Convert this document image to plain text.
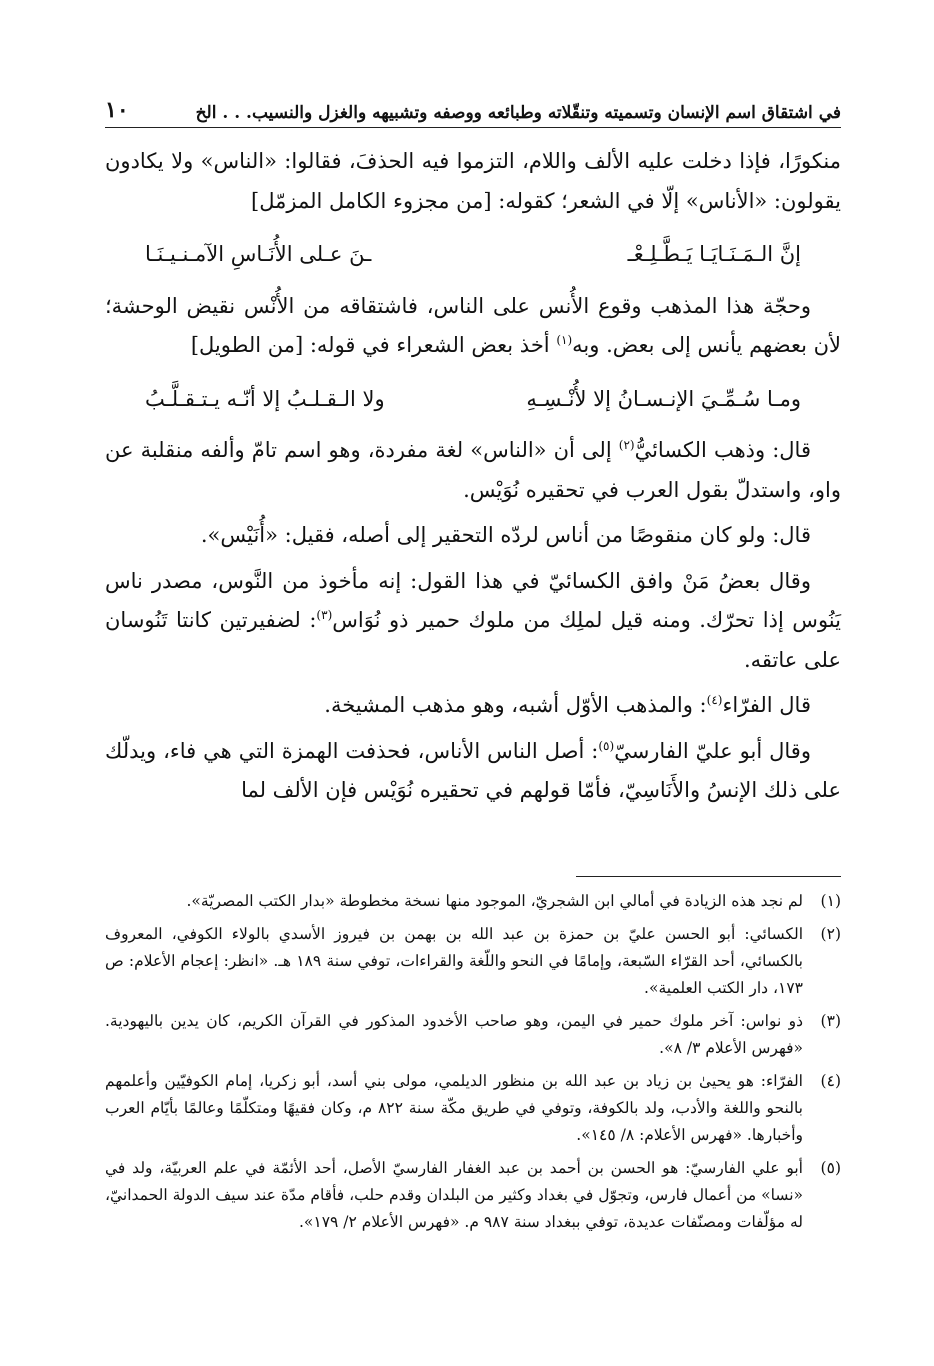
في اشتقاق اسم الإنسان وتسميته وتنقّلاته وطبائعه ووصفه وتشبيهه والغزل والنسيب. . . الخ
١٠

منكورًا، فإذا دخلت عليه الألف واللام، التزموا فيه الحذفَ، فقالوا: «الناس» ولا يكادون يقولون: «الأناس» إلّا في الشعر؛ كقوله: [من مجزوء الكامل المزمّل]

إنَّ الـمَـنَـايَـا يَـطَّـلِـعْـ
ـنَ عـلى الأُنَـاسِ الآمـنـيـنَـا

وحجّة هذا المذهب وقوع الأُنس على الناس، فاشتقاقه من الأُنْس نقيض الوحشة؛ لأن بعضهم يأنس إلى بعض. وبه$^{(١)}$ أخذ بعض الشعراء في قوله: [من الطويل]

ومـا سُـمِّـيَ الإنـسـانُ إلا لأُنْـسِـهِ
ولا الـقـلـبُ إلا أنّـه يـتـقـلَّـبُ

قال: وذهب الكسائيُّ$^{(٢)}$ إلى أن «الناس» لغة مفردة، وهو اسم تامّ وألفه منقلبة عن واو، واستدلّ بقول العرب في تحقيره نُوَيْس.

قال: ولو كان منقوصًا من أناس لردّه التحقير إلى أصله، فقيل: «أُنَيْس».

وقال بعضُ مَنْ وافق الكسائيّ في هذا القول: إنه مأخوذ من النَّوس، مصدر ناس يَنُوس إذا تحرّك. ومنه قيل لملِك من ملوك حمير ذو نُوَاس$^{(٣)}$: لضفيرتين كانتا تَنُوسان على عاتقه.

قال الفرّاء$^{(٤)}$: والمذهب الأوّل أشبه، وهو مذهب المشيخة.

وقال أبو عليّ الفارسيّ$^{(٥)}$: أصل الناس الأناس، فحذفت الهمزة التي هي فاء، ويدلّك على ذلك الإنسُ والأَنَاسِيّ، فأمّا قولهم في تحقيره نُوَيْس فإن الألف لما

(١)
لم نجد هذه الزيادة في أمالي ابن الشجريّ، الموجود منها نسخة مخطوطة «بدار الكتب المصريّة».
(٢)
الكسائي: أبو الحسن عليّ بن حمزة بن عبد الله بن بهمن بن فيروز الأسدي بالولاء الكوفي، المعروف بالكسائي، أحد القرّاء السّبعة، وإمامًا في النحو واللّغة والقراءات، توفي سنة ١٨٩ هـ. «انظر: إعجام الأعلام: ص ١٧٣، دار الكتب العلمية».
(٣)
ذو نواس: آخر ملوك حمير في اليمن، وهو صاحب الأخدود المذكور في القرآن الكريم، كان يدين باليهودية. «فهرس الأعلام ٣/ ٨».
(٤)
الفرّاء: هو يحيىٰ بن زياد بن عبد الله بن منظور الديلمي، مولى بني أسد، أبو زكريا، إمام الكوفيّين وأعلمهم بالنحو واللغة والأدب، ولد بالكوفة، وتوفي في طريق مكّة سنة ٨٢٢ م، وكان فقيهًا ومتكلّمًا وعالمًا بأيّام العرب وأخبارها. «فهرس الأعلام: ٨/ ١٤٥».
(٥)
أبو علي الفارسيّ: هو الحسن بن أحمد بن عبد الغفار الفارسيّ الأصل، أحد الأئمّة في علم العربيّة، ولد في «نسا» من أعمال فارس، وتجوّل في بغداد وكثير من البلدان وقدم حلب، فأقام مدّة عند سيف الدولة الحمدانيّ، له مؤلّفات ومصنّفات عديدة، توفي ببغداد سنة ٩٨٧ م. «فهرس الأعلام ٢/ ١٧٩».
